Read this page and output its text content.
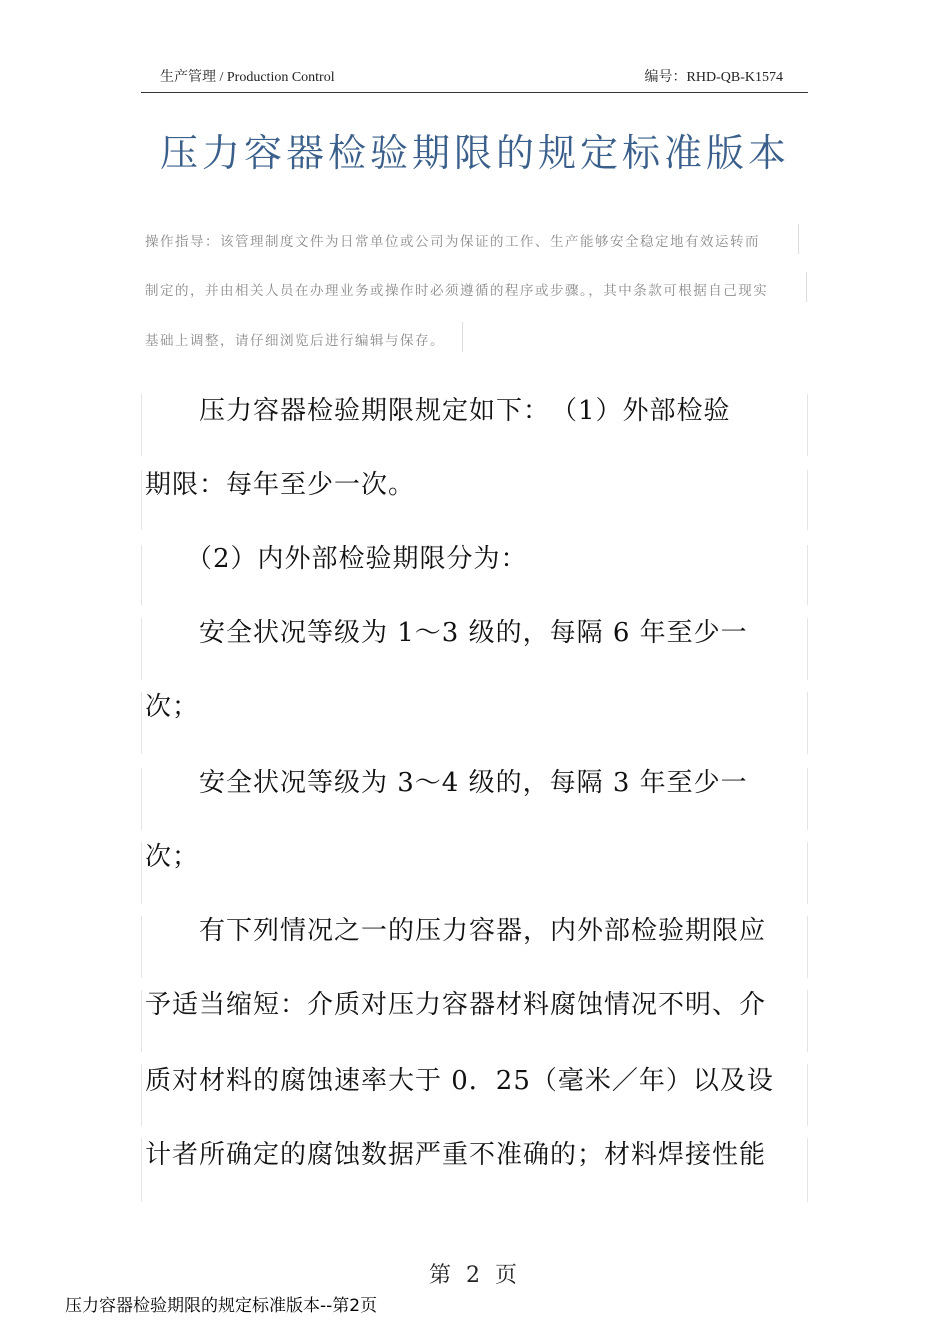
生产管理 / Production Control	编号：RHD-QB-K1574
压力容器检验期限的规定标准版本
操作指导：该管理制度文件为日常单位或公司为保证的工作、生产能够安全稳定地有效运转而
制定的，并由相关人员在办理业务或操作时必须遵循的程序或步骤。，其中条款可根据自己现实
基础上调整，请仔细浏览后进行编辑与保存。
　　压力容器检验期限规定如下：　（1）外部检验
期限：每年至少一次。
　　（2）内外部检验期限分为：
　　安全状况等级为 1～3 级的，每隔 6 年至少一
次；
　　安全状况等级为 3～4 级的，每隔 3 年至少一
次；
　　有下列情况之一的压力容器，内外部检验期限应
予适当缩短：介质对压力容器材料腐蚀情况不明、介
质对材料的腐蚀速率大于 0．25（毫米／年）以及设
计者所确定的腐蚀数据严重不准确的；材料焊接性能
第 2 页
压力容器检验期限的规定标准版本--第2页
